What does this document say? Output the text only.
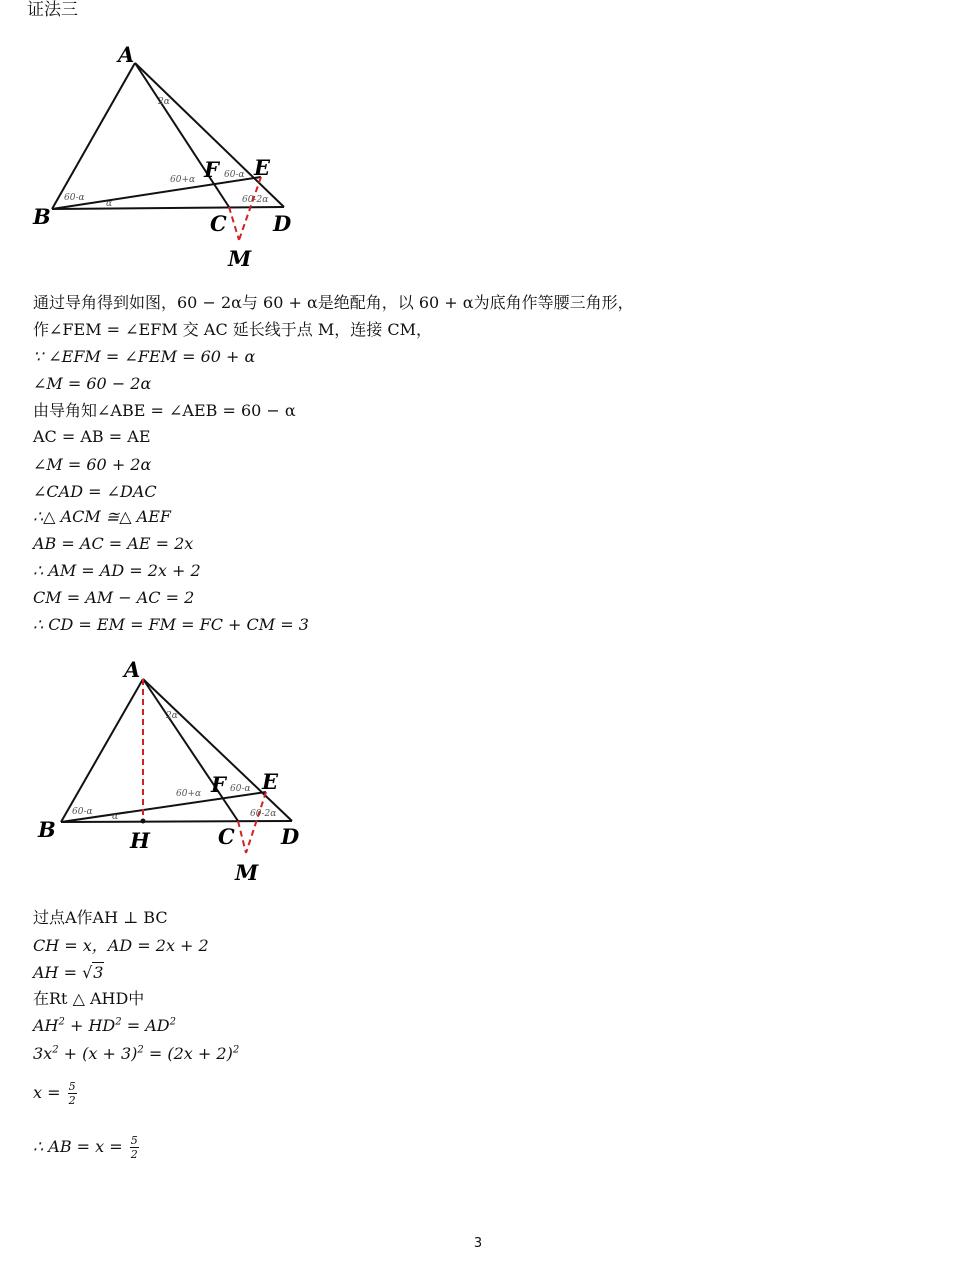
证法三
A
B	C D
E
F
M
2α
60-α
α
60+α	60-α
60-2α
通过导角得到如图，60 − 2α与 60 + α是绝配角，以 60 + α为底角作等腰三角形，
作∠FEM = ∠EFM 交 AC 延长线于点 M，连接 CM，
∵ ∠EFM = ∠FEM = 60 + α
∠M = 60 − 2α
由导角知∠ABE = ∠AEB = 60 − α
AC = AB = AE
∠M = 60 + 2α
∠CAD = ∠DAC
∴△ ACM ≅△ AEF
AB = AC = AE = 2x
∴ AM = AD = 2x + 2
CM = AM − AC = 2
∴ CD = EM = FM = FC + CM = 3
A
B	H	C D
E
F
M
2α
60-α α
60+α	60-α
60-2α
过点A作AH ⊥ BC
CH = x，AD = 2x + 2
AH = √3
在Rt △ AHD中
$AH^2 + HD^2 = AD^2$
$3x^2 + (x + 3)^2 = (2x + 2)^2$
$x = \frac{5}{2}$
∴ AB = $x = \frac{5}{2}$
3
